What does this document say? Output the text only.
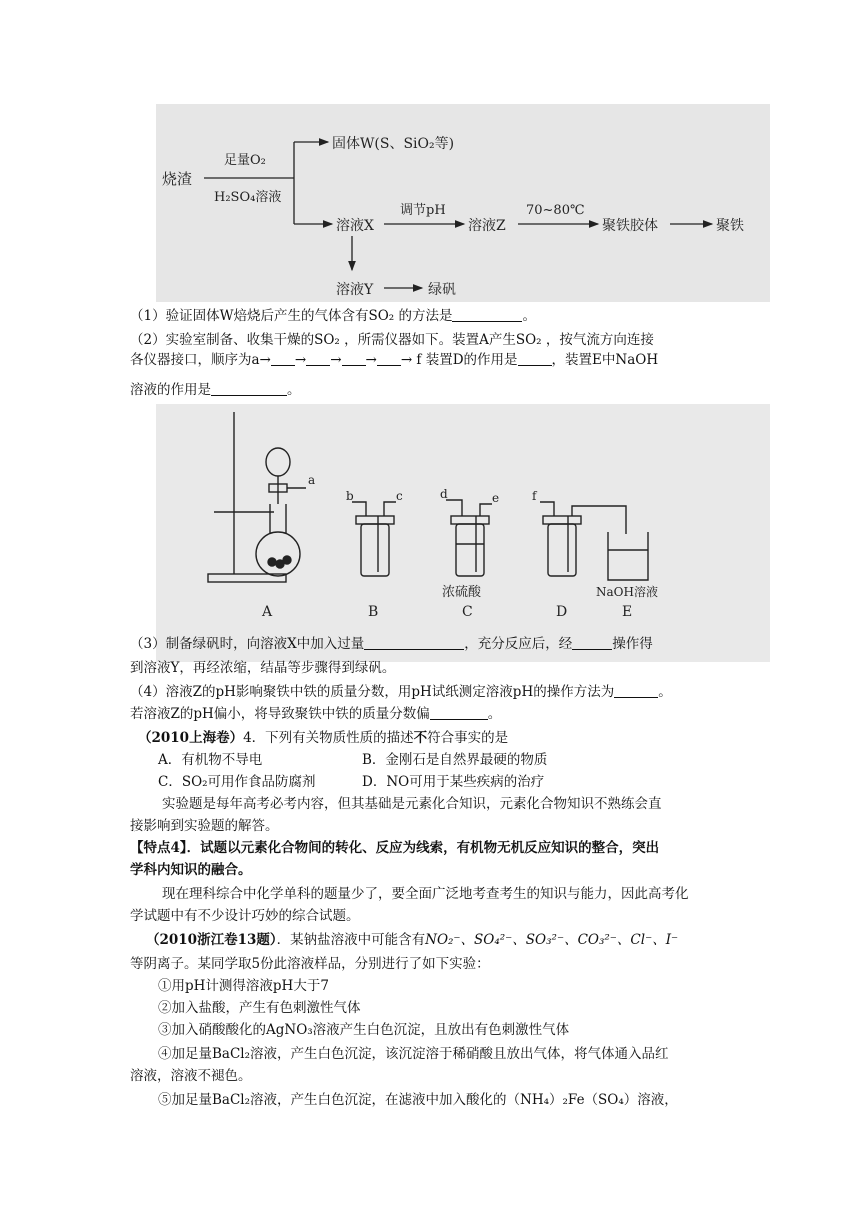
烧渣
足量O₂
H₂SO₄溶液
固体W(S、SiO₂等)
溶液X
调节pH
溶液Z
70~80℃
聚铁胶体	聚铁
溶液Y	绿矾
（1）验证固体W焙烧后产生的气体含有SO₂ 的方法是	。
（2）实验室制备、收集干燥的SO₂ ，所需仪器如下。装置A产生SO₂ ，按气流方向连接
各仪器接口，顺序为a→ → → → → f 装置D的作用是	，装置E中NaOH
溶液的作用是	。
a
b	c	d	e	f
浓硫酸	NaOH溶液
A	B	C	D	E
（3）制备绿矾时，向溶液X中加入过量	，充分反应后，经	操作得
到溶液Y，再经浓缩，结晶等步骤得到绿矾。
（4）溶液Z的pH影响聚铁中铁的质量分数，用pH试纸测定溶液pH的操作方法为	。
若溶液Z的pH偏小，将导致聚铁中铁的质量分数偏	。
（2010上海卷）4．下列有关物质性质的描述不符合事实的是
A．有机物不导电	B．金刚石是自然界最硬的物质
C．SO₂可用作食品防腐剂	D．NO可用于某些疾病的治疗
实验题是每年高考必考内容，但其基础是元素化合知识，元素化合物知识不熟练会直
接影响到实验题的解答。
【特点4】．试题以元素化合物间的转化、反应为线索，有机物无机反应知识的整合，突出
学科内知识的融合。
现在理科综合中化学单科的题量少了，要全面广泛地考查考生的知识与能力，因此高考化
学试题中有不少设计巧妙的综合试题。
（2010浙江卷13题）．某钠盐溶液中可能含有NO₂⁻、SO₄²⁻、SO₃²⁻、CO₃²⁻、Cl⁻、I⁻
等阴离子。某同学取5份此溶液样品，分别进行了如下实验：
①用pH计测得溶液pH大于7
②加入盐酸，产生有色刺激性气体
③加入硝酸酸化的AgNO₃溶液产生白色沉淀，且放出有色刺激性气体
④加足量BaCl₂溶液，产生白色沉淀，该沉淀溶于稀硝酸且放出气体，将气体通入品红
溶液，溶液不褪色。
⑤加足量BaCl₂溶液，产生白色沉淀，在滤液中加入酸化的（NH₄）₂Fe（SO₄）溶液，
